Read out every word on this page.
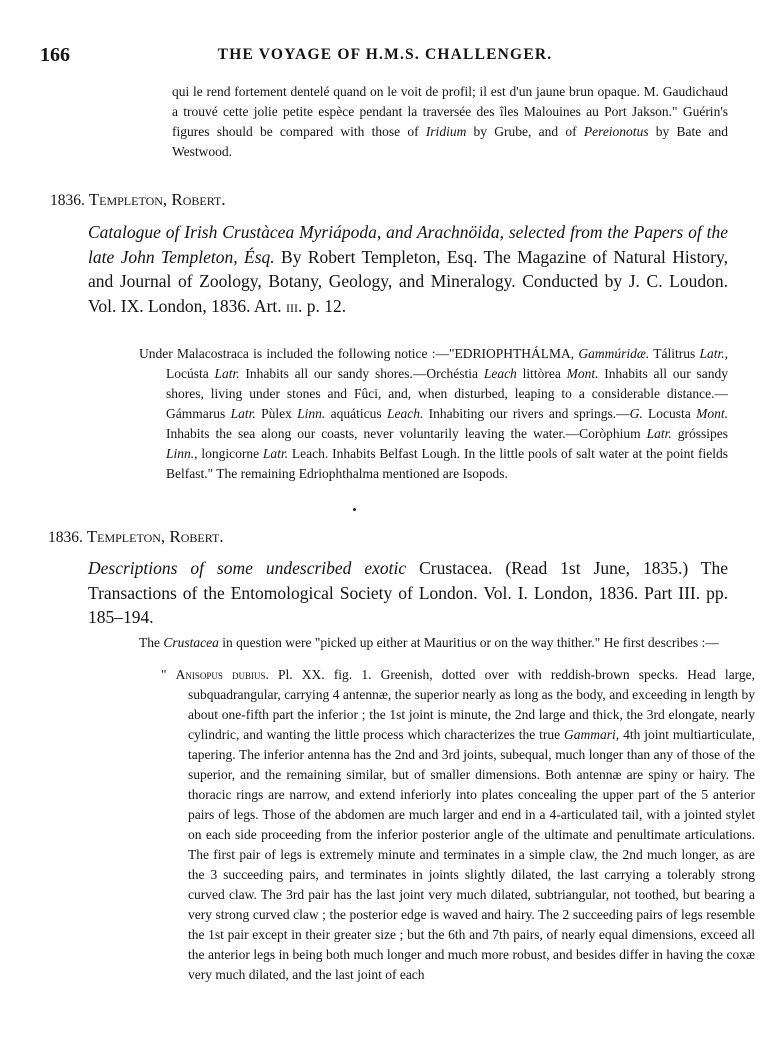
166	THE VOYAGE OF H.M.S. CHALLENGER.
qui le rend fortement dentelé quand on le voit de profil; il est d'un jaune brun opaque. M. Gaudichaud a trouvé cette jolie petite espèce pendant la traversée des îles Malouines au Port Jakson." Guérin's figures should be compared with those of Iridium by Grube, and of Pereionotus by Bate and Westwood.
1836. Templeton, Robert.
Catalogue of Irish Crustàcea Myriápoda, and Arachnöida, selected from the Papers of the late John Templeton, Ésq. By Robert Templeton, Esq. The Magazine of Natural History, and Journal of Zoology, Botany, Geology, and Mineralogy. Conducted by J. C. Loudon. Vol. IX. London, 1836. Art. iii. p. 12.
Under Malacostraca is included the following notice :—"EDRIOPHTHÁLMA, Gammúridæ. Tálitrus Latr., Locústa Latr. Inhabits all our sandy shores.—Orchéstia Leach littòrea Mont. Inhabits all our sandy shores, living under stones and Fûci, and, when disturbed, leaping to a considerable distance.—Gámmarus Latr. Pùlex Linn. aquáticus Leach. Inhabiting our rivers and springs.—G. Locusta Mont. Inhabits the sea along our coasts, never voluntarily leaving the water.—Coròphium Latr. gróssipes Linn., longicorne Latr. Leach. Inhabits Belfast Lough. In the little pools of salt water at the point fields Belfast." The remaining Edriophthalma mentioned are Isopods.
1836. Templeton, Robert.
Descriptions of some undescribed exotic Crustacea. (Read 1st June, 1835.) The Transactions of the Entomological Society of London. Vol. I. London, 1836. Part III. pp. 185–194.
The Crustacea in question were "picked up either at Mauritius or on the way thither." He first describes :—
" Anisopus dubius. Pl. XX. fig. 1. Greenish, dotted over with reddish-brown specks. Head large, subquadrangular, carrying 4 antennæ, the superior nearly as long as the body, and exceeding in length by about one-fifth part the inferior ; the 1st joint is minute, the 2nd large and thick, the 3rd elongate, nearly cylindric, and wanting the little process which characterizes the true Gammari, 4th joint multiarticulate, tapering. The inferior antenna has the 2nd and 3rd joints, subequal, much longer than any of those of the superior, and the remaining similar, but of smaller dimensions. Both antennæ are spiny or hairy. The thoracic rings are narrow, and extend inferiorly into plates concealing the upper part of the 5 anterior pairs of legs. Those of the abdomen are much larger and end in a 4-articulated tail, with a jointed stylet on each side proceeding from the inferior posterior angle of the ultimate and penultimate articulations. The first pair of legs is extremely minute and terminates in a simple claw, the 2nd much longer, as are the 3 succeeding pairs, and terminates in joints slightly dilated, the last carrying a tolerably strong curved claw. The 3rd pair has the last joint very much dilated, subtriangular, not toothed, but bearing a very strong curved claw ; the posterior edge is waved and hairy. The 2 succeeding pairs of legs resemble the 1st pair except in their greater size ; but the 6th and 7th pairs, of nearly equal dimensions, exceed all the anterior legs in being both much longer and much more robust, and besides differ in having the coxæ very much dilated, and the last joint of each
